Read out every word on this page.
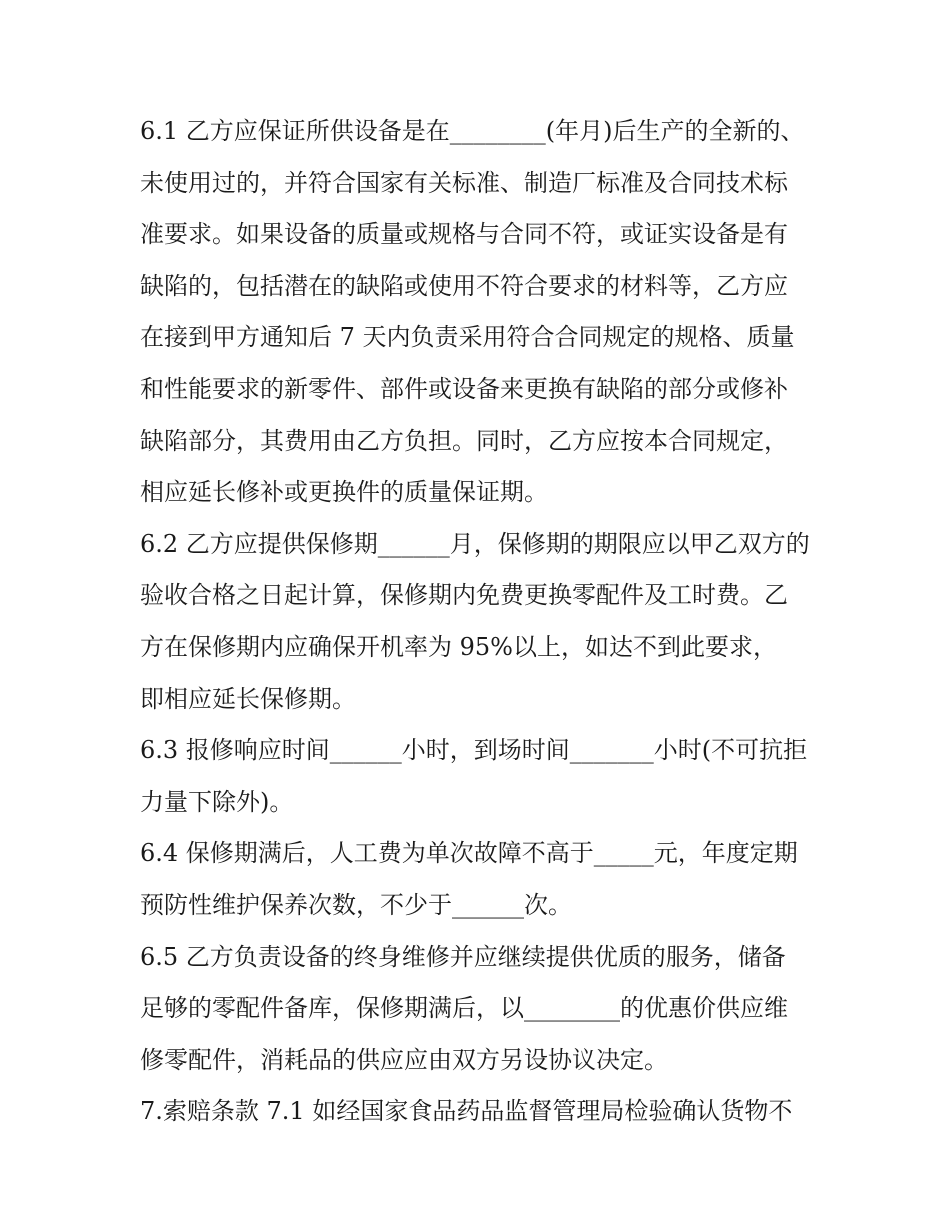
6.1 乙方应保证所供设备是在________(年月)后生产的全新的、
未使用过的，并符合国家有关标准、制造厂标准及合同技术标
准要求。如果设备的质量或规格与合同不符，或证实设备是有
缺陷的，包括潜在的缺陷或使用不符合要求的材料等，乙方应
在接到甲方通知后 7 天内负责采用符合合同规定的规格、质量
和性能要求的新零件、部件或设备来更换有缺陷的部分或修补
缺陷部分，其费用由乙方负担。同时，乙方应按本合同规定，
相应延长修补或更换件的质量保证期。
6.2 乙方应提供保修期______月，保修期的期限应以甲乙双方的
验收合格之日起计算，保修期内免费更换零配件及工时费。乙
方在保修期内应确保开机率为 95%以上，如达不到此要求，
即相应延长保修期。
6.3 报修响应时间______小时，到场时间_______小时(不可抗拒
力量下除外)。
6.4 保修期满后，人工费为单次故障不高于_____元，年度定期
预防性维护保养次数，不少于______次。
6.5 乙方负责设备的终身维修并应继续提供优质的服务，储备
足够的零配件备库，保修期满后，以________的优惠价供应维
修零配件，消耗品的供应应由双方另设协议决定。
7.索赔条款 7.1 如经国家食品药品监督管理局检验确认货物不
